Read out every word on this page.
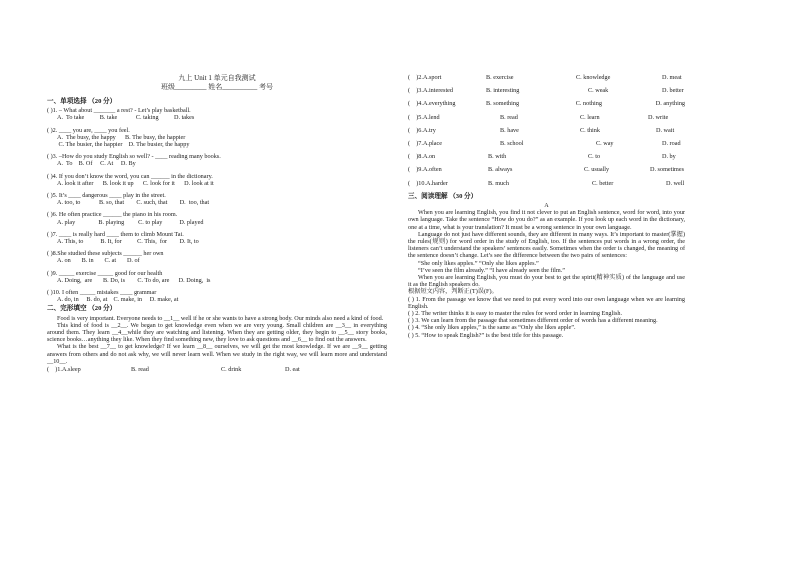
九上 Unit 1 单元自我测试
班级_________ 姓名__________ 考号
一、单项选择 （20 分）
( )1. – What about _______ a rest? - Let’s play basketball.
A.  To take          B. take            C. taking          D. takes
( )2. ____ you are, ____ you feel.
A.  The busy, the happy      B. The busy, the happier
C. The busier, the happier    D. The busier, the happy
( )3. –How do you study English so well? - ____ reading many books.
A.  To    B. Of     C. At     D. By
( )4. If you don’t know the word, you can ______ in the dictionary.
A. look it after      B. look it up      C. look for it      D. look at it
( )5. It’s ____ dangerous ____ play in the street.
A. too, to            B. so, that        C. such, that        D.  too, that
( )6. He often practice ______ the piano in his room.
A. play               B. playing         C. to play           D. played
( )7. ____ is really hard ____ them to climb Mount Tai.
A. This, to           B. It, for          C. This,  for        D. It, to
( )8.She studied these subjects ______ her own
A. on       B. in       C. at       D. of
( )9. _____ exercise _____ good for our health
A. Doing,  are       B. Do, is        C. To do, are      D. Doing,  is
( )10. I often _____ mistakes ____ grammar
A. do, in     B. do, at    C. make, in     D. make, at
二、完形填空 （20 分）
Food is very important. Everyone needs to __1__ well if he or she wants to have a strong body. Our minds also need a kind of food.
This kind of food is __2__. We began to get knowledge even when we are very young. Small children are __3__ in everything around them. They learn __4__while they are watching and listening. When they are getting older, they begin to __5__ story books, science books…anything they like. When they find something new, they love to ask questions and __6__ to find out the answers.
What is the best __7__ to get knowledge? If we learn __8__ ourselves, we will get the most knowledge. If we are __9__ getting answers from others and do not ask why, we will never learn well. When we study in the right way, we will learn more and understand __10__.
(    )1.A.sleep	B. read	C. drink	D. eat
(    )2.A.sport	B. exercise	C. knowledge	D. meat
(    )3.A.interested	B. interesting	C. weak	D. better
(    )4.A.everything	B. something	C. nothing	D. anything
(    )5.A.lend	B. read	C. learn	D. write
(    )6.A.try	B. have	C. think	D. wait
(    )7.A.place	B. school	C. way	D. road
(    )8.A.on	B. with	C. to	D. by
(    )9.A.often	B. always	C. usually	D. sometimes
(    )10.A.harder	B. much	C. better	D. well
三、阅读理解 （30 分）
A
When you are learning English, you find it not clever to put an English sentence, word for word, into your own language. Take the sentence “How do you do?” as an example. If you look up each word in the dictionary, one at a time, what is your translation? It must be a wrong sentence in your own language.
Language do not just have different sounds, they are different in many ways. It’s important to master(掌握) the rules(规则) for word order in the study of English, too. If the sentences put words in a wrong order, the listeners can’t understand the speakers’ sentences easily. Sometimes when the order is changed, the meaning of the sentence doesn’t change. Let’s see the difference between the two pairs of sentences:
“She only likes apples.” “Only she likes apples.”
“I’ve seen the film already.” “I have already seen the film.”
When you are learning English, you must do your best to get the spirit(精神实质) of the language and use it as the English speakers do.
根据短文内容，判断正(T)误(F)。
( ) 1. From the passage we know that we need to put every word into our own language when we are learning English.
( ) 2. The writer thinks it is easy to master the rules for word order in learning English.
( ) 3. We can learn from the passage that sometimes different order of words has a different meaning.
( ) 4. “She only likes apples,” is the same as “Only she likes apple”.
( ) 5. “How to speak English?” is the best title for this passage.
